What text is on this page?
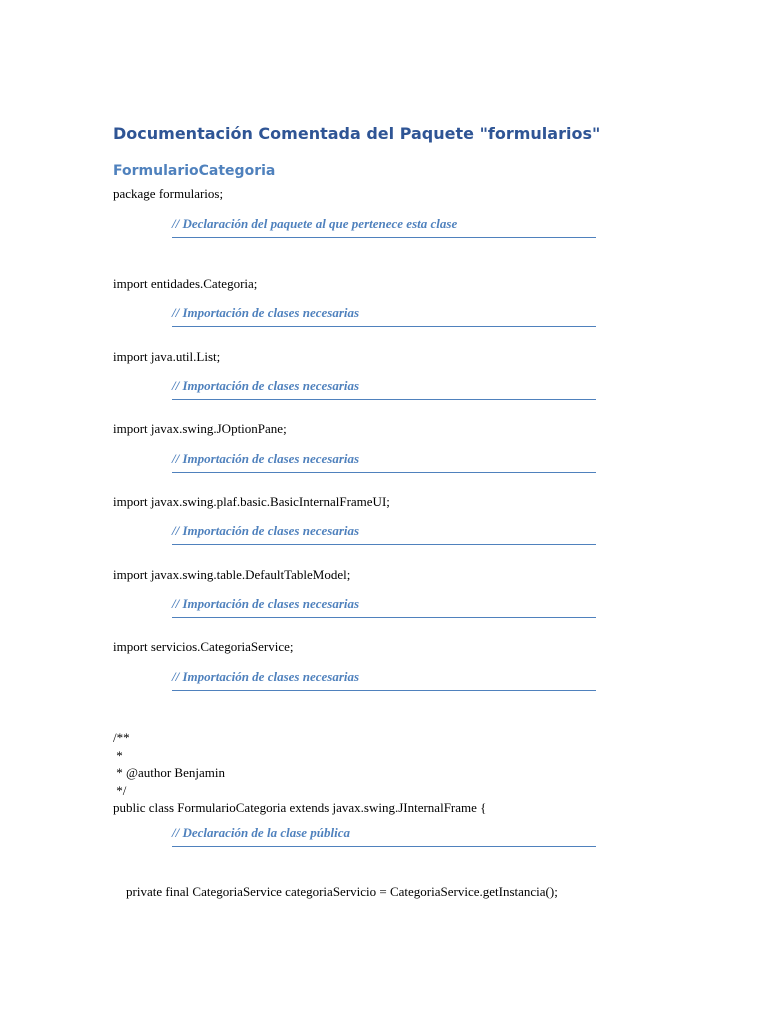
Documentación Comentada del Paquete "formularios"
FormularioCategoria
package formularios;
// Declaración del paquete al que pertenece esta clase
import entidades.Categoria;
// Importación de clases necesarias
import java.util.List;
// Importación de clases necesarias
import javax.swing.JOptionPane;
// Importación de clases necesarias
import javax.swing.plaf.basic.BasicInternalFrameUI;
// Importación de clases necesarias
import javax.swing.table.DefaultTableModel;
// Importación de clases necesarias
import servicios.CategoriaService;
// Importación de clases necesarias
/**
*
* @author Benjamin
*/
public class FormularioCategoria extends javax.swing.JInternalFrame {
// Declaración de la clase pública
private final CategoriaService categoriaServicio = CategoriaService.getInstancia();
